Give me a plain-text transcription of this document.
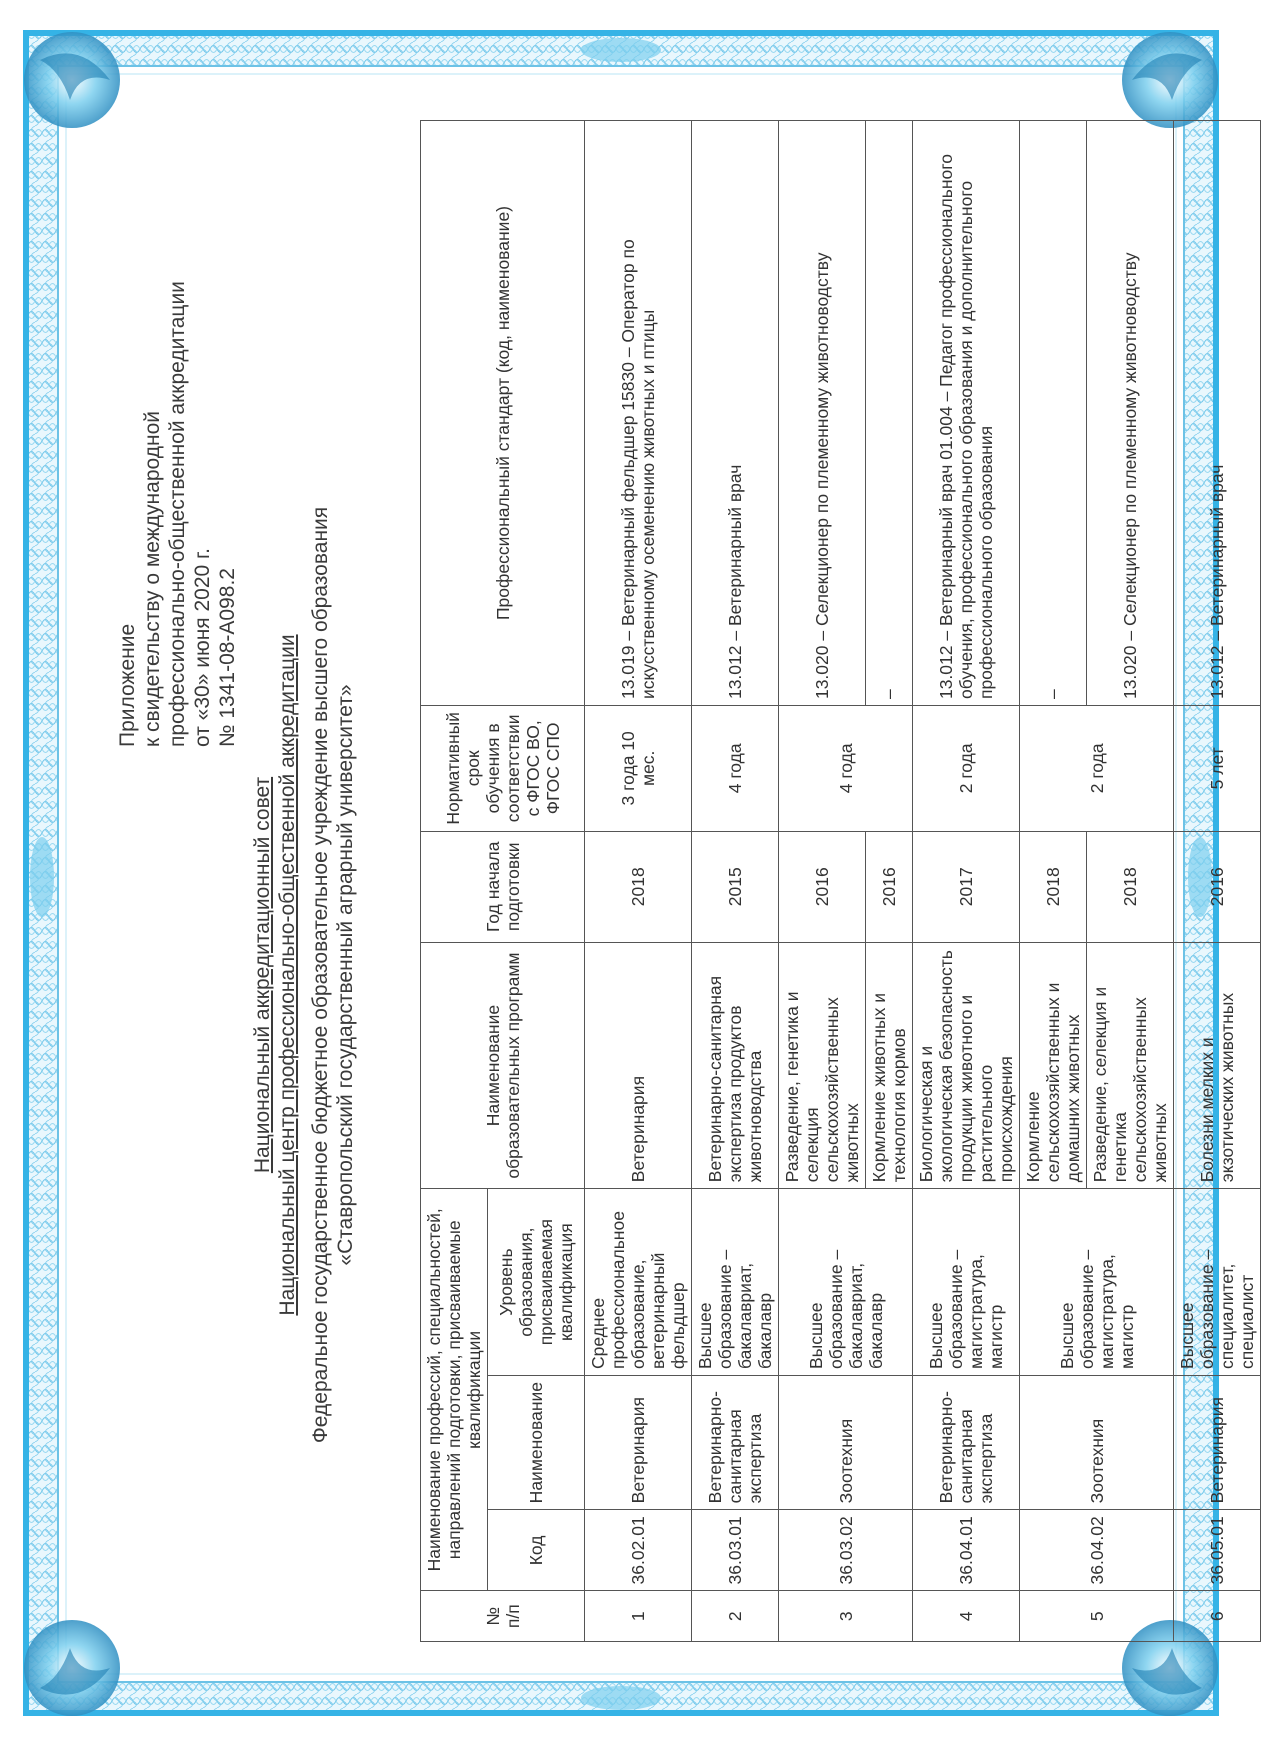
Приложение к свидетельству о международной профессионально-общественной аккредитации от «30» июня 2020 г. № 1341-08-А098.2
Национальный аккредитационный совет Национальный центр профессионально-общественной аккредитации Федеральное государственное бюджетное образовательное учреждение высшего образования «Ставропольский государственный аграрный университет»
№ п/п	Наименование профессий, специальностей, направлений подготовки, присваиваемые квалификации			Наименование образовательных программ	Год начала подготовки	Нормативный срок обучения в соответствии с ФГОС ВО, ФГОС СПО	Профессиональный стандарт (код, наименование)
	Код	Наименование	Уровень образования, присваиваемая квалификация				
1	36.02.01	Ветеринария	Среднее профессиональное образование, ветеринарный фельдшер	Ветеринария	2018	3 года 10 мес.	13.019 – Ветеринарный фельдшер 15830 – Оператор по искусственному осеменению животных и птицы
2	36.03.01	Ветеринарно-санитарная экспертиза	Высшее образование – бакалавриат, бакалавр	Ветеринарно-санитарная экспертиза продуктов животноводства	2015	4 года	13.012 – Ветеринарный врач
3	36.03.02	Зоотехния	Высшее образование – бакалавриат, бакалавр	Разведение, генетика и селекция сельскохозяйственных животных	2016	4 года	13.020 – Селекционер по племенному животноводству
				Кормление животных и технология кормов	2016		–
4	36.04.01	Ветеринарно-санитарная экспертиза	Высшее образование – магистратура, магистр	Биологическая и экологическая безопасность продукции животного и растительного происхождения	2017	2 года	13.012 – Ветеринарный врач 01.004 – Педагог профессионального обучения, профессионального образования и дополнительного профессионального образования
5	36.04.02	Зоотехния	Высшее образование – магистратура, магистр	Кормление сельскохозяйственных и домашних животных	2018	2 года	–
				Разведение, селекция и генетика сельскохозяйственных животных	2018		13.020 – Селекционер по племенному животноводству
6	36.05.01	Ветеринария	Высшее образование – специалитет, специалист	Болезни мелких и экзотических животных	2016	5 лет	13.012 – Ветеринарный врач
